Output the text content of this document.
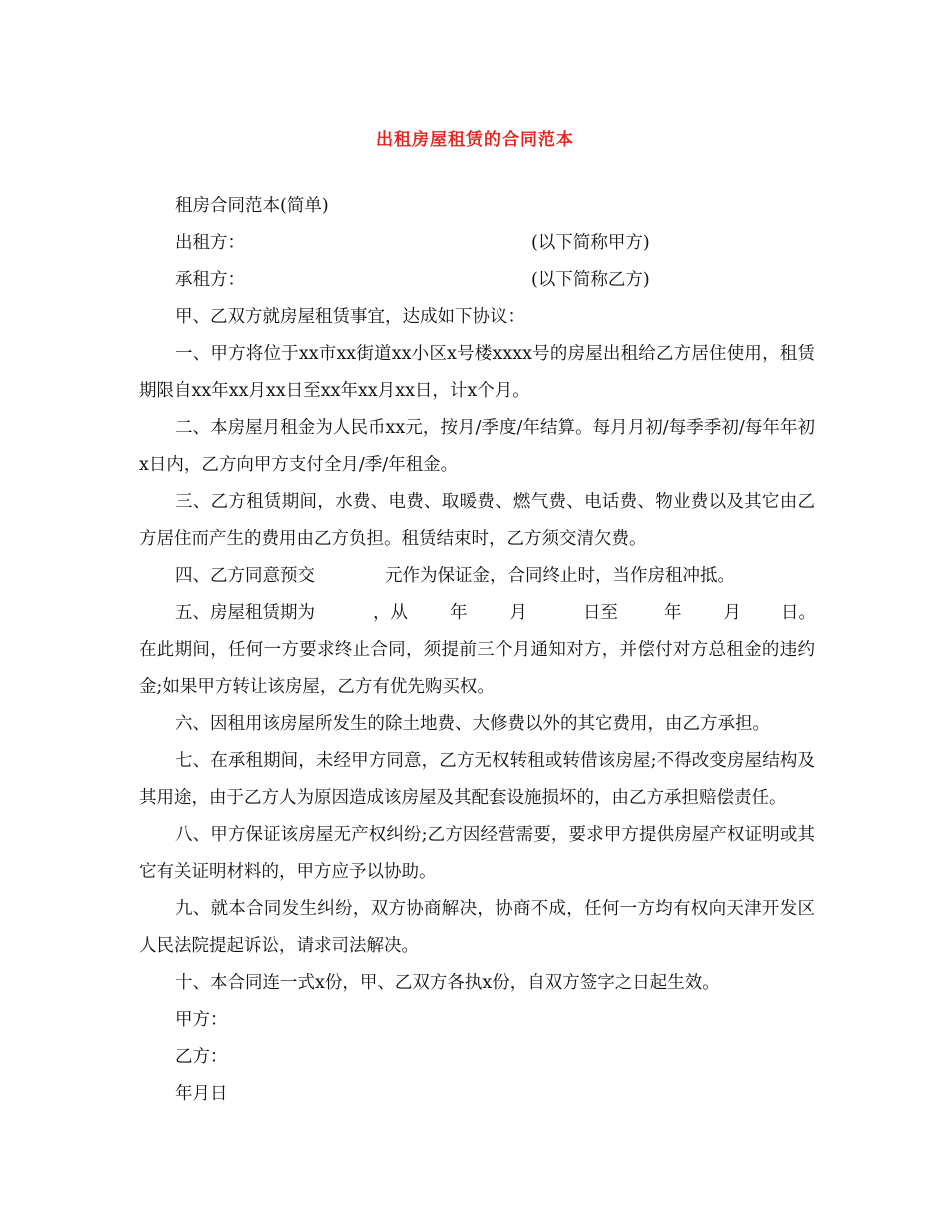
出租房屋租赁的合同范本

租房合同范本(简单)

出租方：	(以下简称甲方)
承租方：	(以下简称乙方)

甲、乙双方就房屋租赁事宜，达成如下协议：

一、甲方将位于xx市xx街道xx小区x号楼xxxx号的房屋出租给乙方居住使用，租赁期限自xx年xx月xx日至xx年xx月xx日，计x个月。

二、本房屋月租金为人民币xx元，按月/季度/年结算。每月月初/每季季初/每年年初x日内，乙方向甲方支付全月/季/年租金。

三、乙方租赁期间，水费、电费、取暖费、燃气费、电话费、物业费以及其它由乙方居住而产生的费用由乙方负担。租赁结束时，乙方须交清欠费。

四、乙方同意预交	元作为保证金，合同终止时，当作房租冲抵。

五、房屋租赁期为	，从 年 月	日至	年 月 日。

在此期间，任何一方要求终止合同，须提前三个月通知对方，并偿付对方总租金的违约金;如果甲方转让该房屋，乙方有优先购买权。

六、因租用该房屋所发生的除土地费、大修费以外的其它费用，由乙方承担。

七、在承租期间，未经甲方同意，乙方无权转租或转借该房屋;不得改变房屋结构及其用途，由于乙方人为原因造成该房屋及其配套设施损坏的，由乙方承担赔偿责任。

八、甲方保证该房屋无产权纠纷;乙方因经营需要，要求甲方提供房屋产权证明或其它有关证明材料的，甲方应予以协助。

九、就本合同发生纠纷，双方协商解决，协商不成，任何一方均有权向天津开发区人民法院提起诉讼，请求司法解决。

十、本合同连一式x份，甲、乙双方各执x份，自双方签字之日起生效。

甲方：

乙方：

年月日
